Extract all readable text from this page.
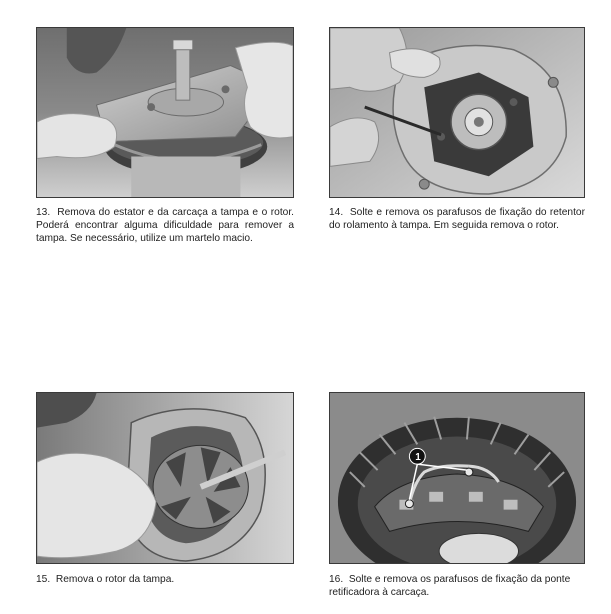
1

13. Remova do estator e da carcaça a tampa e o rotor. Poderá encontrar alguma dificuldade para remover a tampa. Se necessário, utilize um martelo macio.

14. Solte e remova os parafusos de fixação do retentor do rolamento à tampa. Em seguida remova o rotor.

15. Remova o rotor da tampa.	16. Solte e remova os parafusos de fixação da ponte retificadora à carcaça.
